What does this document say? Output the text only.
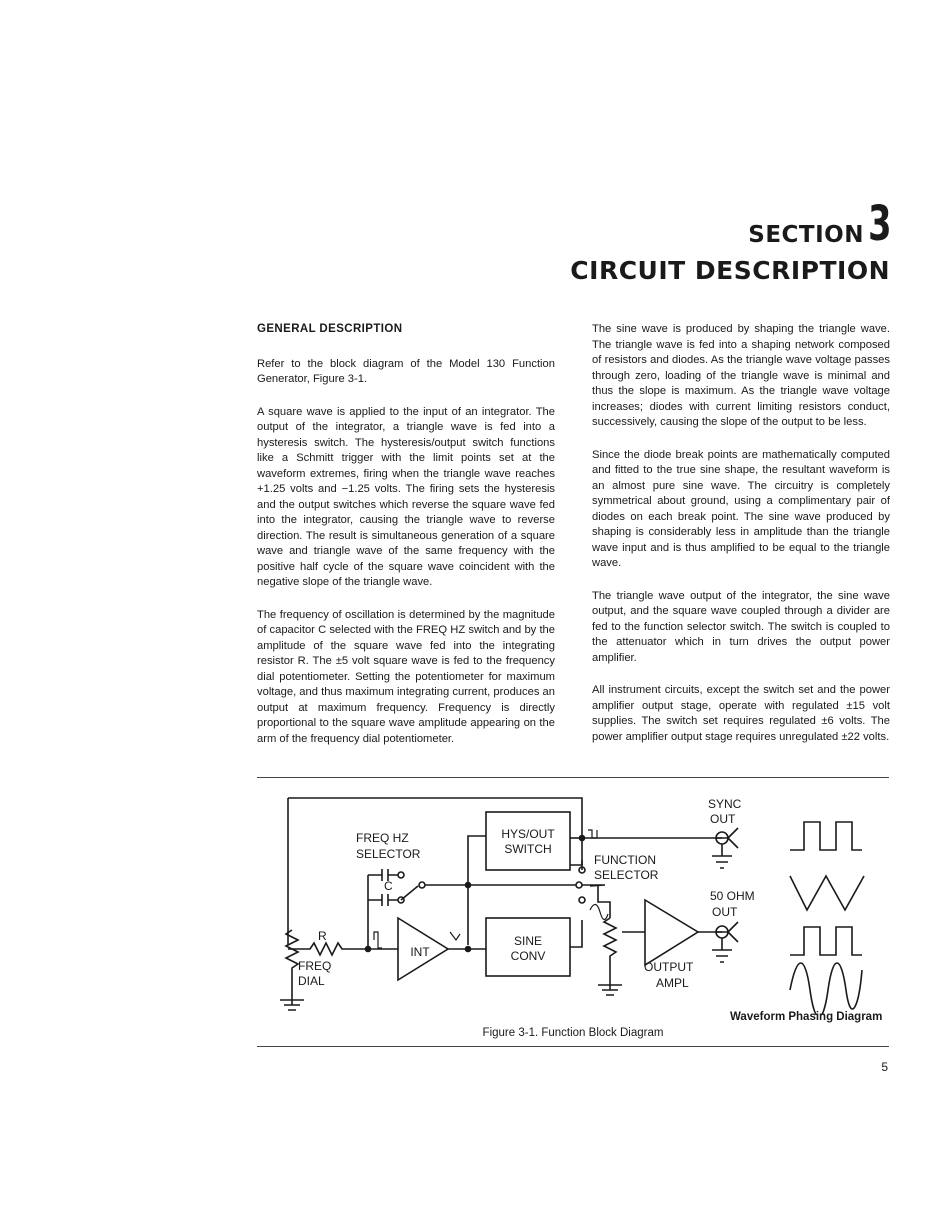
SECTION 3
CIRCUIT DESCRIPTION
GENERAL DESCRIPTION

Refer to the block diagram of the Model 130 Function Generator, Figure 3-1.

A square wave is applied to the input of an integrator. The output of the integrator, a triangle wave is fed into a hysteresis switch. The hysteresis/output switch functions like a Schmitt trigger with the limit points set at the waveform extremes, firing when the triangle wave reaches +1.25 volts and −1.25 volts. The firing sets the hysteresis and the output switches which reverse the square wave fed into the integrator, causing the triangle wave to reverse direction. The result is simultaneous generation of a square wave and triangle wave of the same frequency with the positive half cycle of the square wave coincident with the negative slope of the triangle wave.

The frequency of oscillation is determined by the magnitude of capacitor C selected with the FREQ HZ switch and by the amplitude of the square wave fed into the integrating resistor R. The ±5 volt square wave is fed to the frequency dial potentiometer. Setting the potentiometer for maximum voltage, and thus maximum integrating current, produces an output at maximum frequency. Frequency is directly proportional to the square wave amplitude appearing on the arm of the frequency dial potentiometer.

The sine wave is produced by shaping the triangle wave. The triangle wave is fed into a shaping network composed of resistors and diodes. As the triangle wave voltage passes through zero, loading of the triangle wave is minimal and thus the slope is maximum. As the triangle wave voltage increases; diodes with current limiting resistors conduct, successively, causing the slope of the output to be less.

Since the diode break points are mathematically computed and fitted to the true sine shape, the resultant waveform is an almost pure sine wave. The circuitry is completely symmetrical about ground, using a complimentary pair of diodes on each break point. The sine wave produced by shaping is considerably less in amplitude than the triangle wave input and is thus amplified to be equal to the triangle wave.

The triangle wave output of the integrator, the sine wave output, and the square wave coupled through a divider are fed to the function selector switch. The switch is coupled to the attenuator which in turn drives the output power amplifier.

All instrument circuits, except the switch set and the power amplifier output stage, operate with regulated ±15 volt supplies. The switch set requires regulated ±6 volts. The power amplifier output stage requires unregulated ±22 volts.

FREQ HZ
SELECTOR
C
R
FREQ
DIAL
HYS/OUT
SWITCH
INT
SINE
CONV
FUNCTION
SELECTOR
SYNC
OUT
50 OHM
OUT
OUTPUT
AMPL
Waveform Phasing Diagram
Figure 3-1. Function Block Diagram
5
